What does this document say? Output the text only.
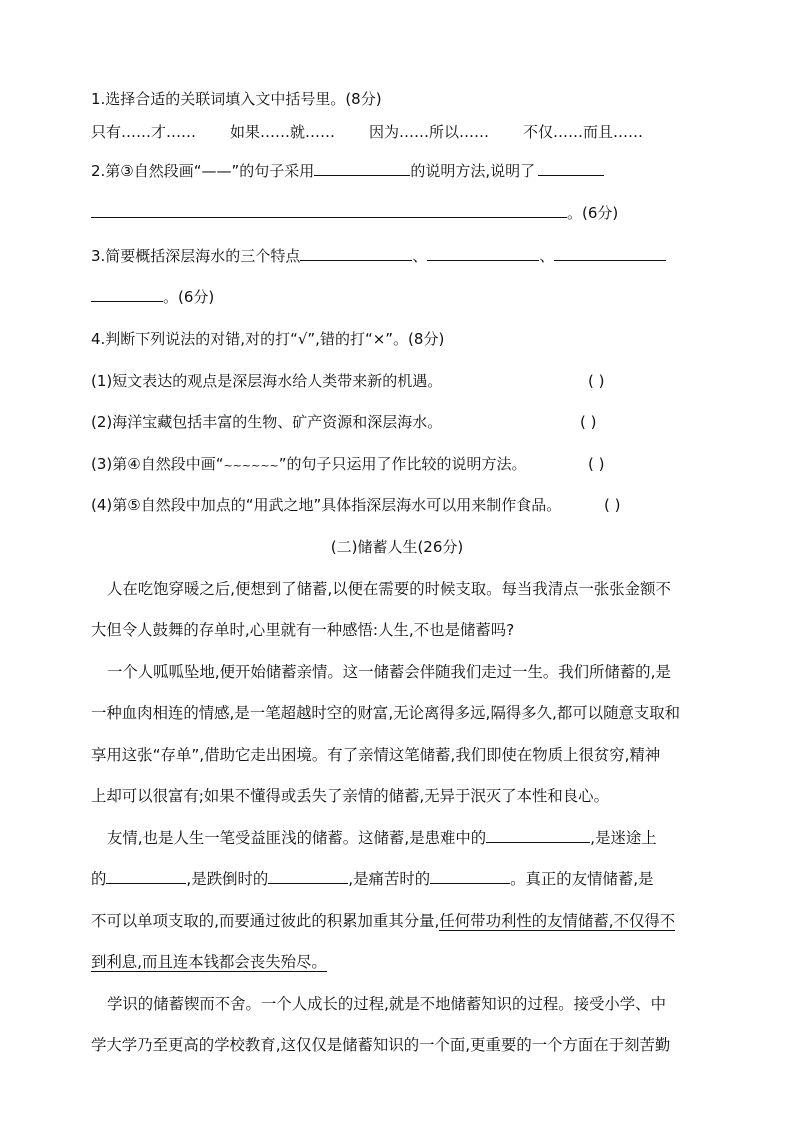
1.选择合适的关联词填入文中括号里。(8分)
只有……才…… 如果……就…… 因为……所以…… 不仅……而且……
2.第③自然段画“——”的句子采用	的说明方法,说明了
。(6分)
3.简要概括深层海水的三个特点	、	、
。(6分)
4.判断下列说法的对错,对的打“√”,错的打“×”。(8分)
(1)短文表达的观点是深层海水给人类带来新的机遇。	( )
(2)海洋宝藏包括丰富的生物、矿产资源和深层海水。	( )
(3)第④自然段中画“~~~~~~”的句子只运用了作比较的说明方法。	( )
(4)第⑤自然段中加点的“用武之地”具体指深层海水可以用来制作食品。	( )
(二)储蓄人生(26分)
人在吃饱穿暖之后,便想到了储蓄,以便在需要的时候支取。每当我清点一张张金额不
大但令人鼓舞的存单时,心里就有一种感悟:人生,不也是储蓄吗?
一个人呱呱坠地,便开始储蓄亲情。这一储蓄会伴随我们走过一生。我们所储蓄的,是
一种血肉相连的情感,是一笔超越时空的财富,无论离得多远,隔得多久,都可以随意支取和
享用这张“存单”,借助它走出困境。有了亲情这笔储蓄,我们即使在物质上很贫穷,精神
上却可以很富有;如果不懂得或丢失了亲情的储蓄,无异于泯灭了本性和良心。
友情,也是人生一笔受益匪浅的储蓄。这储蓄,是患难中的	,是迷途上
的	,是跌倒时的	,是痛苦时的	。真正的友情储蓄,是
不可以单项支取的,而要通过彼此的积累加重其分量,任何带功利性的友情储蓄,不仅得不
到利息,而且连本钱都会丧失殆尽。
学识的储蓄锲而不舍。一个人成长的过程,就是不地储蓄知识的过程。接受小学、中
学大学乃至更高的学校教育,这仅仅是储蓄知识的一个面,更重要的一个方面在于刻苦勤
